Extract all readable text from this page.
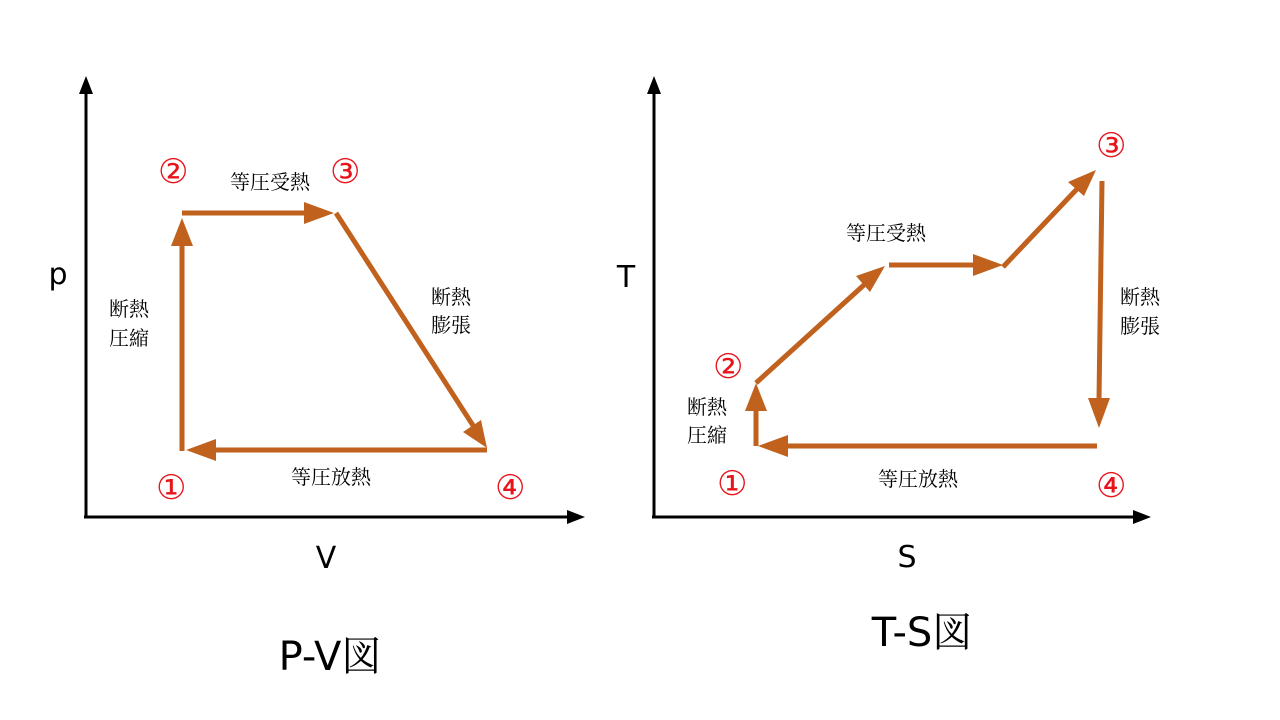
p
V
①
②	③
④
断熱
圧縮
等圧受熱
断熱
膨張
等圧放熱
P-V図
T
S
①
②
③
④
断熱
圧縮
等圧受熱
断熱
膨張
等圧放熱
T-S図
